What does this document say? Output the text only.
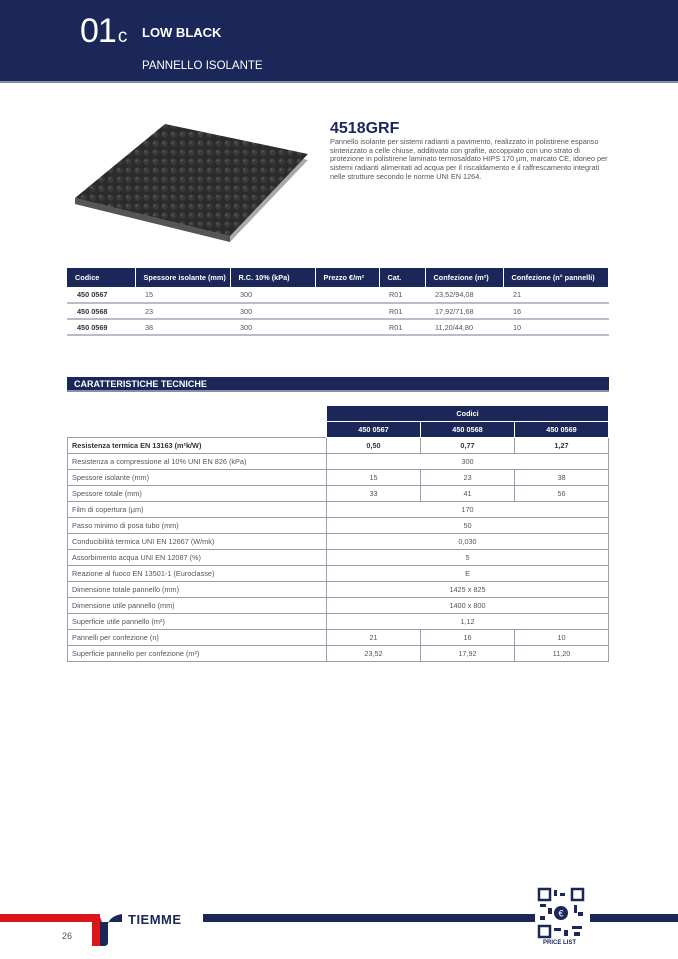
01 c LOW BLACK
PANNELLO ISOLANTE
4518GRF
Pannello isolante per sistemi radianti a pavimento, realizzato in polistirene espanso sinterizzato a celle chiuse, additivato con grafite, accoppiato con uno strato di protezione in polistirene laminato termosaldato HIPS 170 µm, marcato CE, idoneo per sistemi radianti alimentati ad acqua per il riscaldamento e il raffrescamento integrati nelle strutture secondo le norme UNI EN 1264.
Codice	Spessore isolante (mm)	R.C. 10% (kPa)	Prezzo €/m²	Cat.	Confezione (m²)	Confezione (n° pannelli)
450 0567	15	300		R01	23,52/94,08	21
450 0568	23	300		R01	17,92/71,68	16
450 0569	38	300		R01	11,20/44,80	10
CARATTERISTICHE TECNICHE
	Codici		
	450 0567	450 0568	450 0569
Resistenza termica EN 13163 (m²k/W)	0,50	0,77	1,27
Resistenza a compressione al 10% UNI EN 826 (kPa)	300		
Spessore isolante (mm)	15	23	38
Spessore totale (mm)	33	41	56
Film di copertura (µm)	170		
Passo minimo di posa tubo (mm)	50		
Conducibilità termica UNI EN 12667 (W/mk)	0,030		
Assorbimento acqua UNI EN 12087 (%)	5		
Reazione al fuoco EN 13501-1 (Euroclasse)	E		
Dimensione totale pannello (mm)	1425 x 825		
Dimensione utile pannello (mm)	1400 x 800		
Superficie utile pannello (m²)	1,12		
Pannelli per confezione (n)	21	16	10
Superficie pannello per confezione (m²)	23,52	17,92	11,20
€
TIEMME
26
PRICE LIST
